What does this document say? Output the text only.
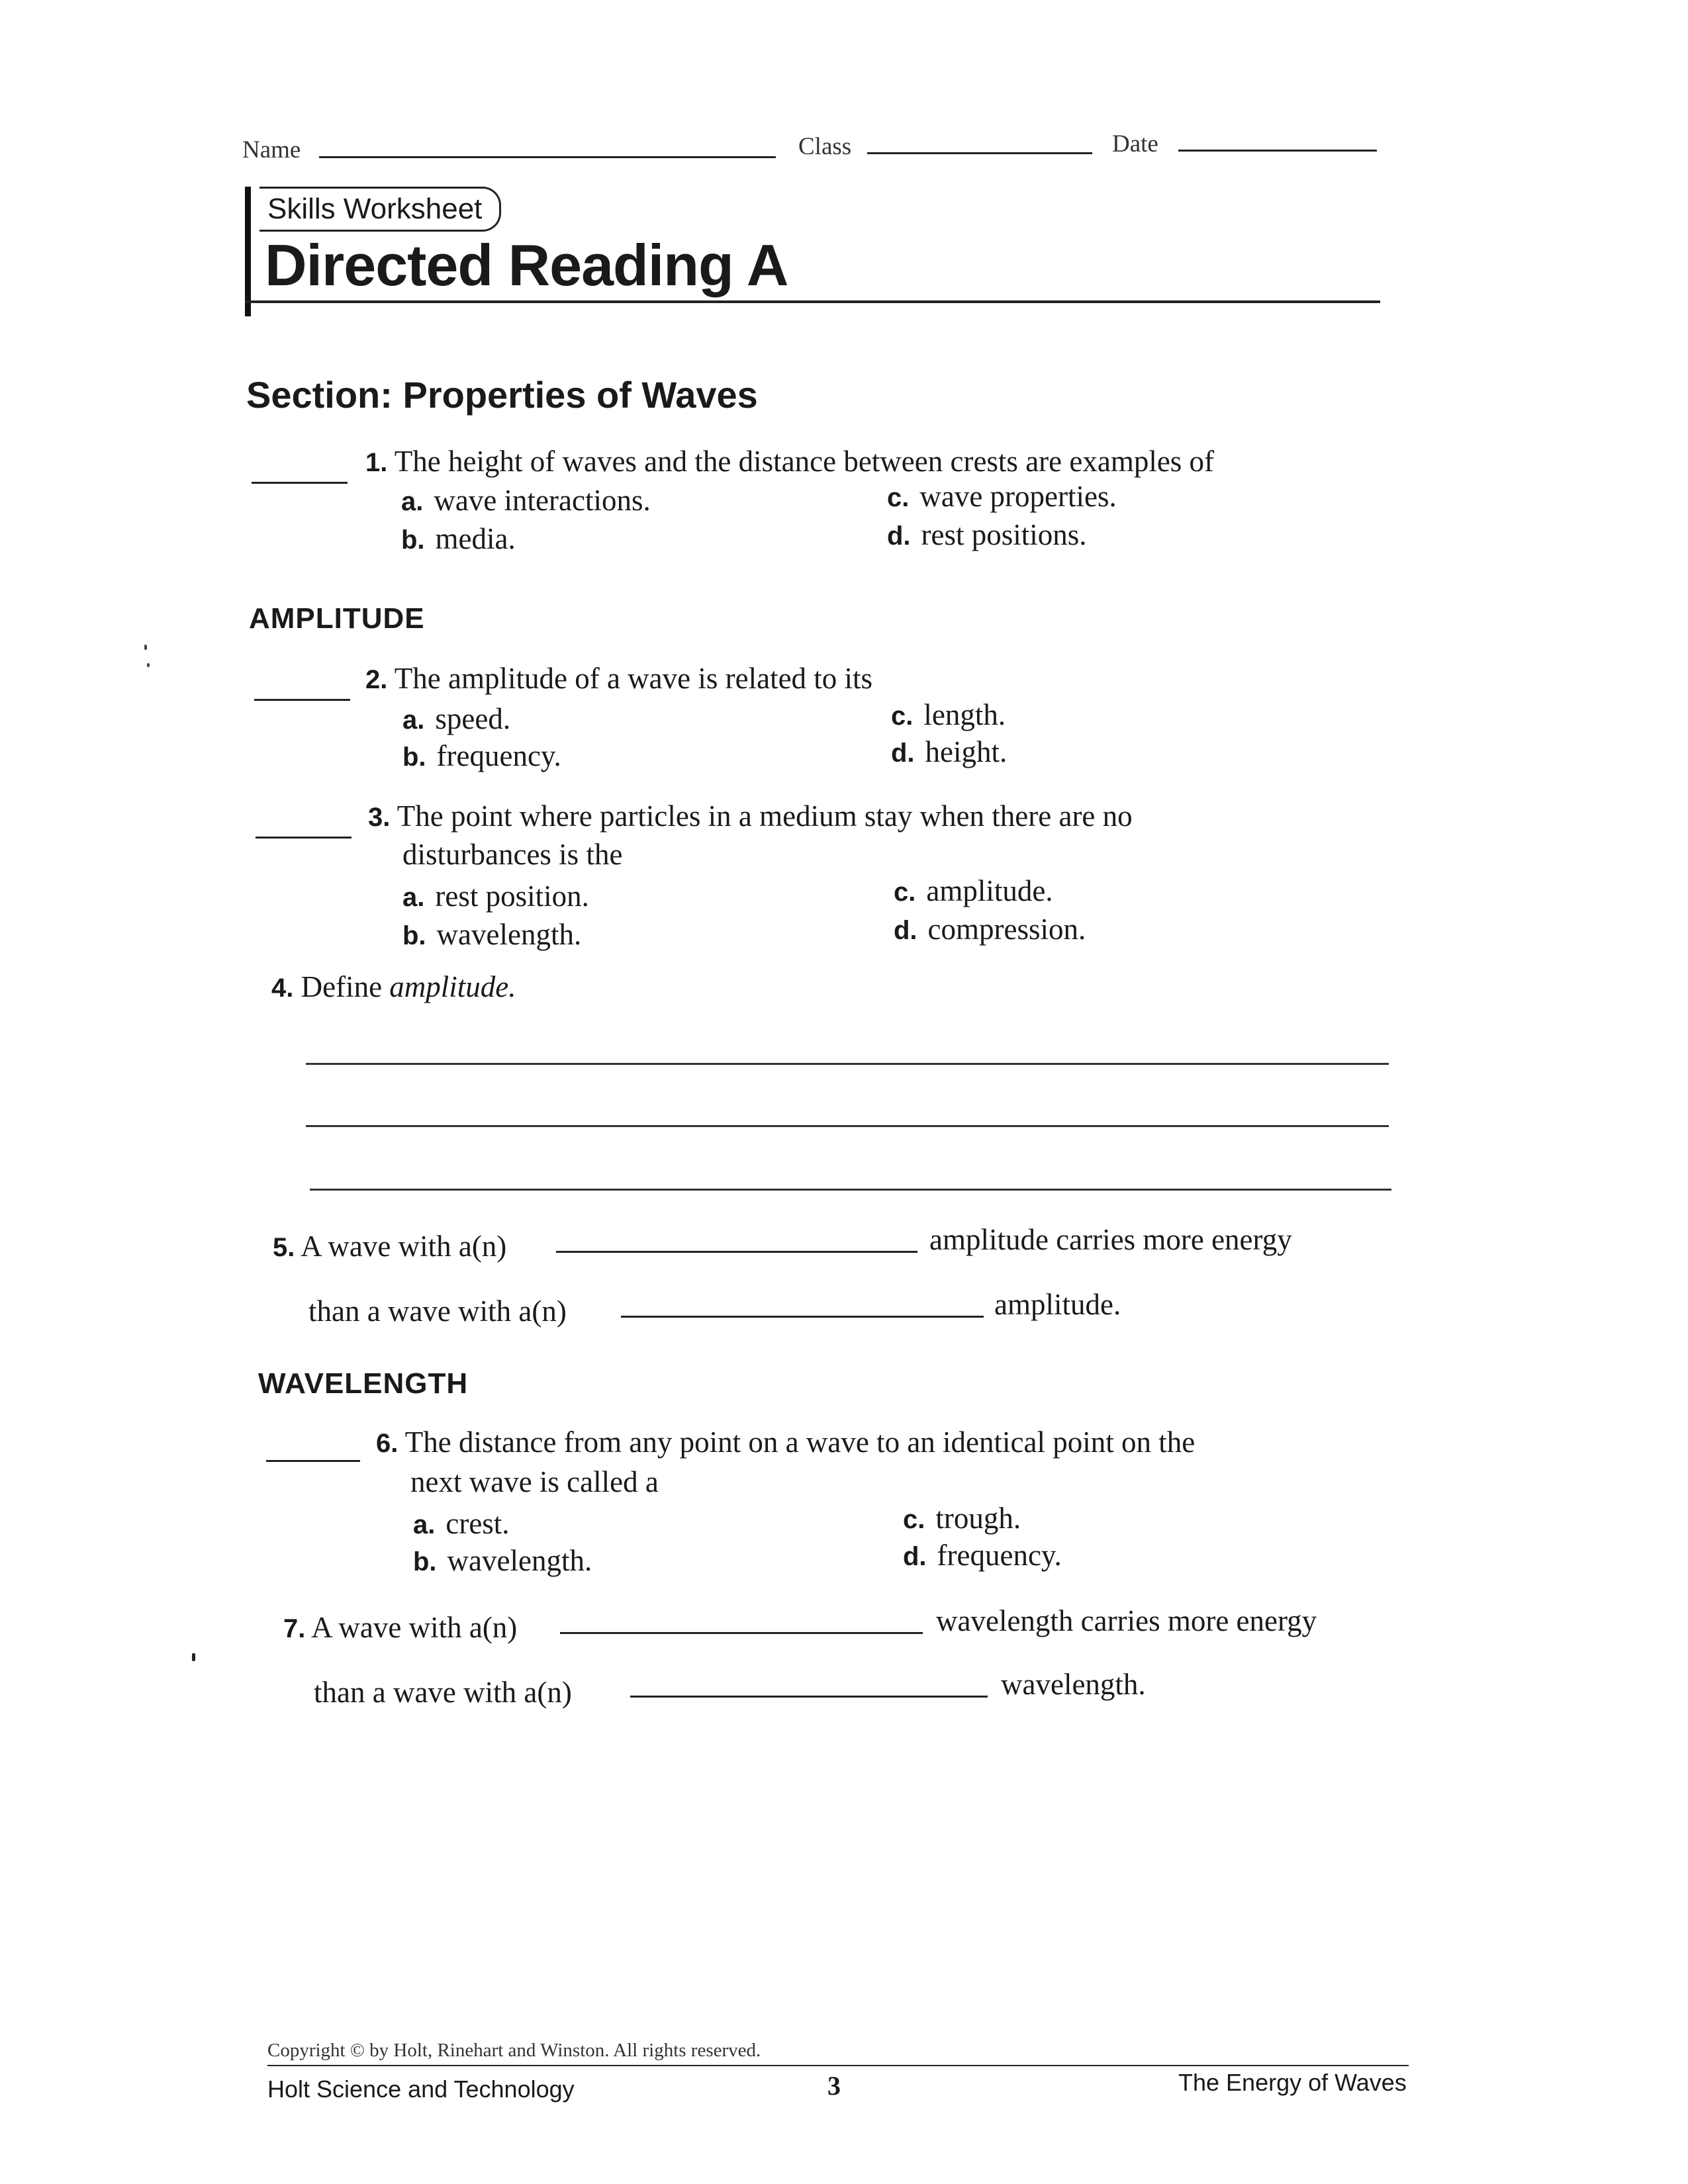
Name	Class	Date
Skills Worksheet
Directed Reading A
Section: Properties of Waves
1. The height of waves and the distance between crests are examples of
a. wave interactions.
b. media.
c. wave properties.
d. rest positions.
AMPLITUDE
2. The amplitude of a wave is related to its
a. speed.
b. frequency.
c. length.
d. height.
3. The point where particles in a medium stay when there are no
disturbances is the
a. rest position.
b. wavelength.
c. amplitude.
d. compression.
4. Define amplitude.
5. A wave with a(n)	amplitude carries more energy
than a wave with a(n)	amplitude.
WAVELENGTH
6. The distance from any point on a wave to an identical point on the
next wave is called a
a. crest.
b. wavelength.
c. trough.
d. frequency.
7. A wave with a(n)	wavelength carries more energy
than a wave with a(n)	wavelength.
Copyright © by Holt, Rinehart and Winston. All rights reserved.
Holt Science and Technology	3	The Energy of Waves
